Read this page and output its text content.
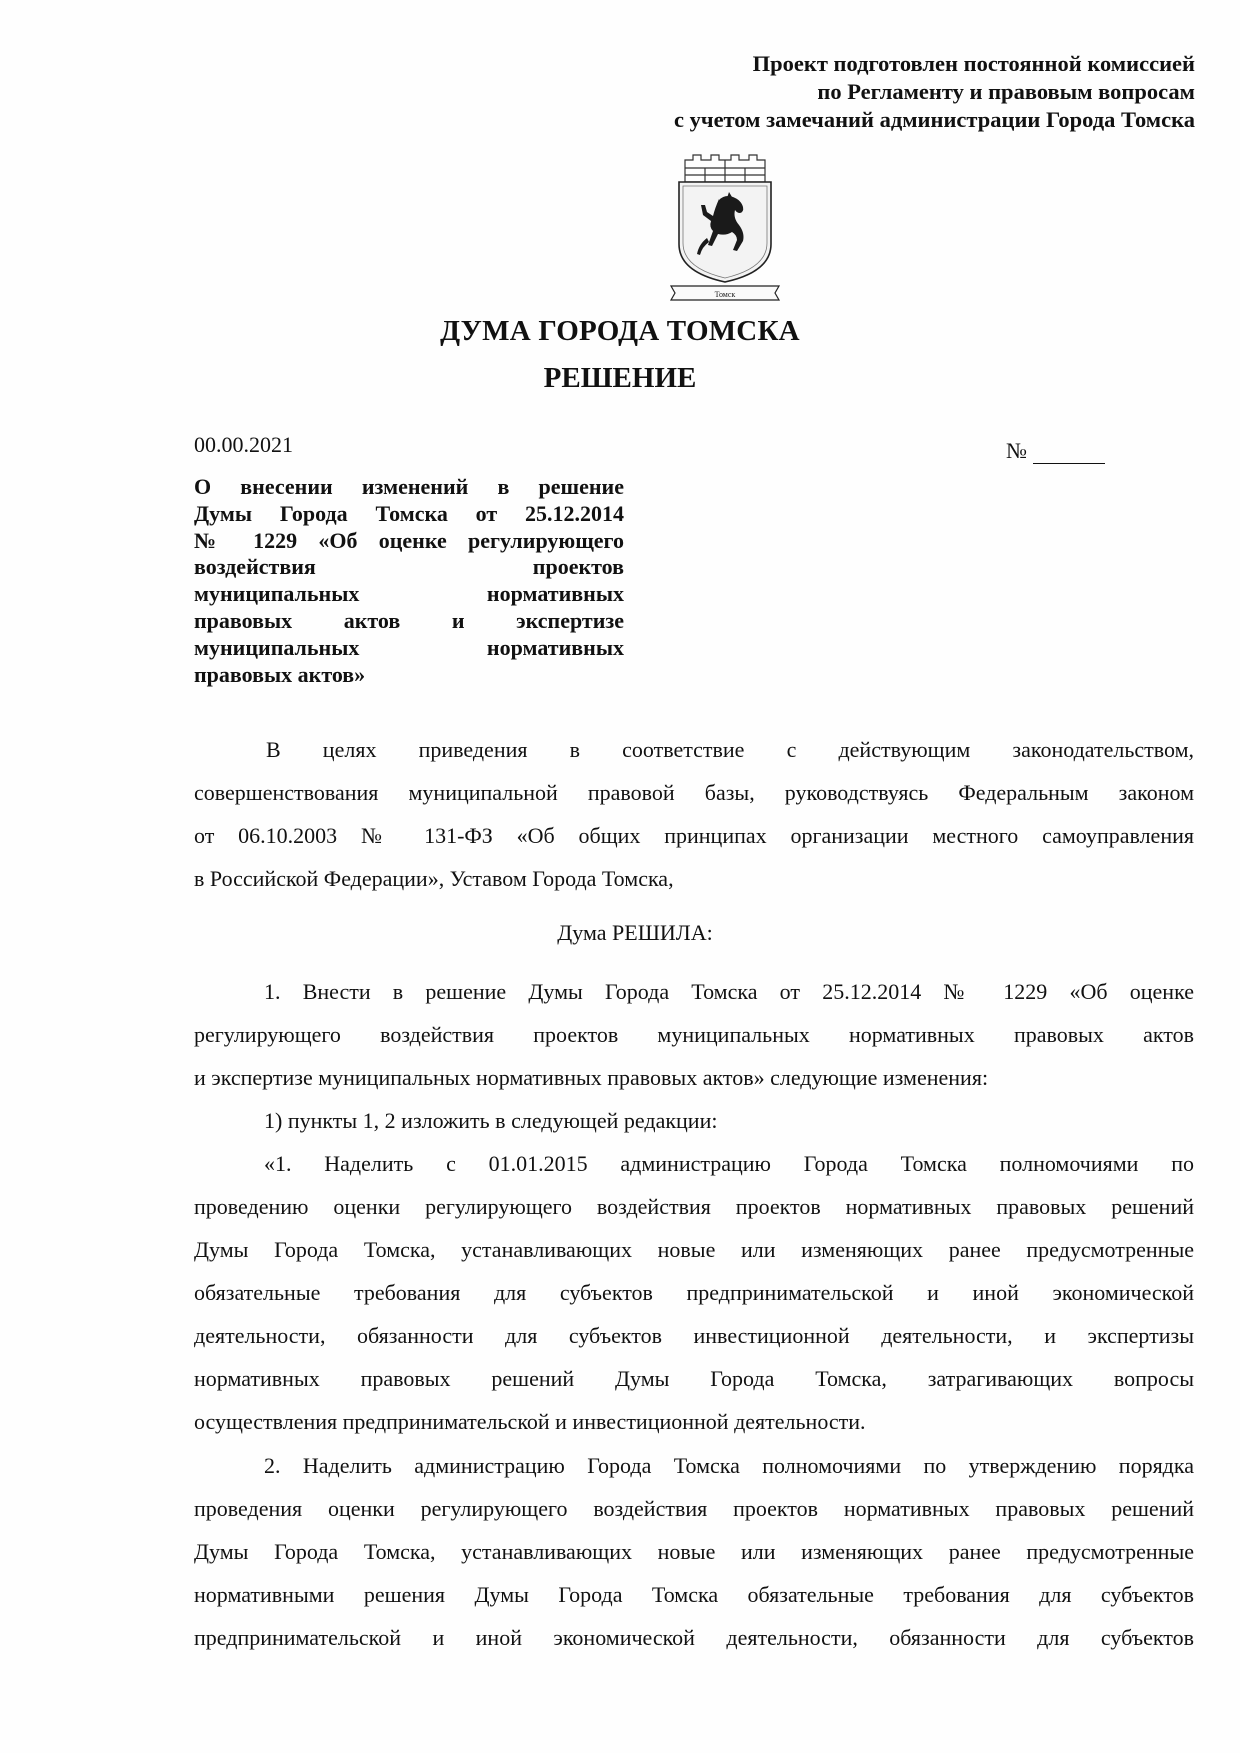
Проект подготовлен постоянной комиссией
по Регламенту и правовым вопросам
с учетом замечаний администрации Города Томска
Томск
ДУМА ГОРОДА ТОМСКА
РЕШЕНИЕ
00.00.2021	№
О внесении изменений в решение
Думы Города Томска от 25.12.2014
№ 1229 «Об оценке регулирующего
воздействия проектов
муниципальных нормативных
правовых актов и экспертизе
муниципальных нормативных
правовых актов»
В целях приведения в соответствие с действующим законодательством,
совершенствования муниципальной правовой базы, руководствуясь Федеральным законом
от 06.10.2003 № 131-ФЗ «Об общих принципах организации местного самоуправления
в Российской Федерации», Уставом Города Томска,
Дума РЕШИЛА:
1. Внести в решение Думы Города Томска от 25.12.2014 № 1229 «Об оценке
регулирующего воздействия проектов муниципальных нормативных правовых актов
и экспертизе муниципальных нормативных правовых актов» следующие изменения:
1) пункты 1, 2 изложить в следующей редакции:
«1. Наделить с 01.01.2015 администрацию Города Томска полномочиями по
проведению оценки регулирующего воздействия проектов нормативных правовых решений
Думы Города Томска, устанавливающих новые или изменяющих ранее предусмотренные
обязательные требования для субъектов предпринимательской и иной экономической
деятельности, обязанности для субъектов инвестиционной деятельности, и экспертизы
нормативных правовых решений Думы Города Томска, затрагивающих вопросы
осуществления предпринимательской и инвестиционной деятельности.
2. Наделить администрацию Города Томска полномочиями по утверждению порядка
проведения оценки регулирующего воздействия проектов нормативных правовых решений
Думы Города Томска, устанавливающих новые или изменяющих ранее предусмотренные
нормативными решения Думы Города Томска обязательные требования для субъектов
предпринимательской и иной экономической деятельности, обязанности для субъектов
